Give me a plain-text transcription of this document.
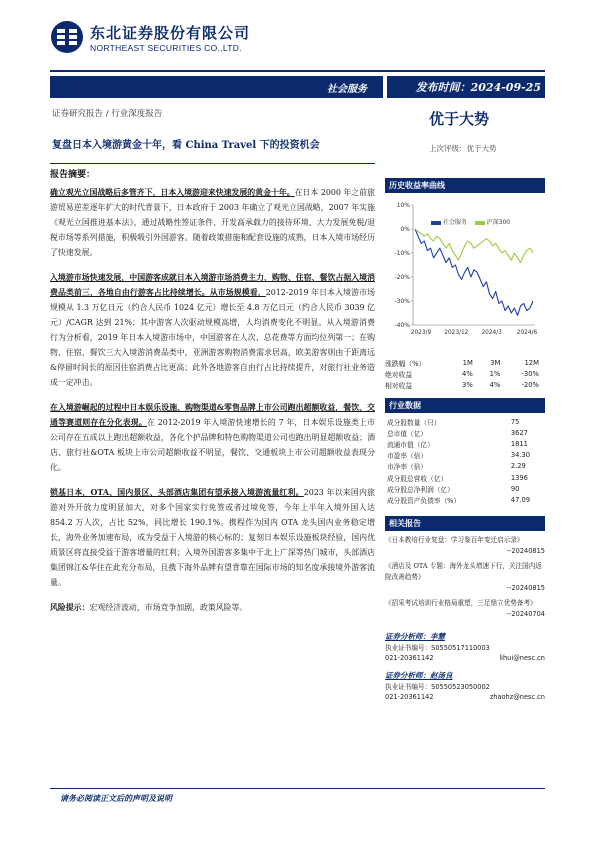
东北证券股份有限公司
NORTHEAST SECURITIES CO.,LTD.
社会服务	发布时间：2024-09-25
证券研究报告 / 行业深度报告
复盘日本入境游黄金十年，看 China Travel 下的投资机会
优于大势
上次评级：优于大势
报告摘要：
确立观光立国战略后多管齐下，日本入境游迎来快速发展的黄金十年。在日本 2000 年之前旅游贸易逆差逐年扩大的时代背景下，日本政府于 2003 年确立了观光立国战略，2007 年实施《观光立国推进基本法》，通过战略性签证条件、开发高承载力的接待环境、大力发展免税/退税市场等系列措施，积极吸引外国游客。随着政策措施和配套设施的成熟，日本入境市场经历了快速发展。
入境游市场快速发展，中国游客成就日本入境游市场消费主力，购物、住宿、餐饮占据入境消费品类前三，各地自由行游客占比持续增长。从市场规模看，2012-2019 年日本入境游市场规模从 1.3 万亿日元（约合人民币 1024 亿元）增长至 4.8 万亿日元（约合人民币 3039 亿元）/CAGR 达到 21%；其中游客人次驱动规模高增，人均消费变化不明显。从入境游消费行为分析看，2019 年日本入境游市场中，中国游客在人次、总花费等方面均位列第一；在购物、住宿、餐饮三大入境游消费品类中，亚洲游客购物消费需求居高，欧美游客则由于距离远&停留时间长的原因住宿消费占比更高；此外各地游客自由行占比持续提升，对旅行社业务造成一定冲击。
在入境游崛起的过程中日本娱乐设施、购物渠道&零售品牌上市公司跑出超额收益，餐饮、交通等赛道则存在分化表现。在 2012-2019 年入境游快速增长的 7 年，日本娱乐设施类上市公司存在五成以上跑出超额收益，各化个护品牌和特色购物渠道公司也跑出明显超额收益；酒店、旅行社&OTA 板块上市公司超额收益不明显，餐饮、交通板块上市公司超额收益表现分化。
锁基日本，OTA、国内景区、头部酒店集团有望承接入境游流量红利。2023 年以来国内旅游对外开放力度明显加大，对多个国家实行免签或者过境免签，今年上半年入境外国人达 854.2 万人次，占比 52%，同比增长 190.1%。携程作为国内 OTA 龙头国内业务稳定增长，海外业务加速布局，成为受益于入境游的核心标的；复刻日本娱乐设施板块经验，国内优质景区将直接受益于游客增量的红利；入境外国游客多集中于北上广深等热门城市，头部酒店集团锦江&华住在此充分布局，且携下海外品牌有望背靠在国际市场的知名度承接境外游客流量。
风险提示：宏观经济波动，市场竞争加剧，政策风险等。
历史收益率曲线
10%
0%
-10%
-20%
-30%
-40%
2023/9 2023/12 2024/3	2024/6
社会服务	沪深300
涨跌幅（%）	1M	3M	12M
绝对收益	4%	1%	-30%
相对收益	3%	4%	-20%
行业数据
成分股数量（只）	75
总市值（亿）	3627
流通市值（亿）	1811
市盈率（倍）	34.30
市净率（倍）	2.29
成分股总营收（亿）	1396
成分股总净利润（亿）	90
成分股资产负债率（%）	47.09
相关报告
《日本教培行业复盘：学习鉴百年变迁启示录》
--20240815
《酒店及 OTA 专题：海外龙头增速下行，关注国内返院改善趋势》
--20240815
《招采考试培训行业格局重塑，三足鼎立优势备考》
--20240704
证券分析师：李慧
执业证书编号：S0550517110003
021-20361142	lihui@nesc.cn
证券分析师：赵汤良
执业证书编号：S0550523050002
021-20361142	zhaohz@nesc.cn
请务必阅读正文后的声明及说明
